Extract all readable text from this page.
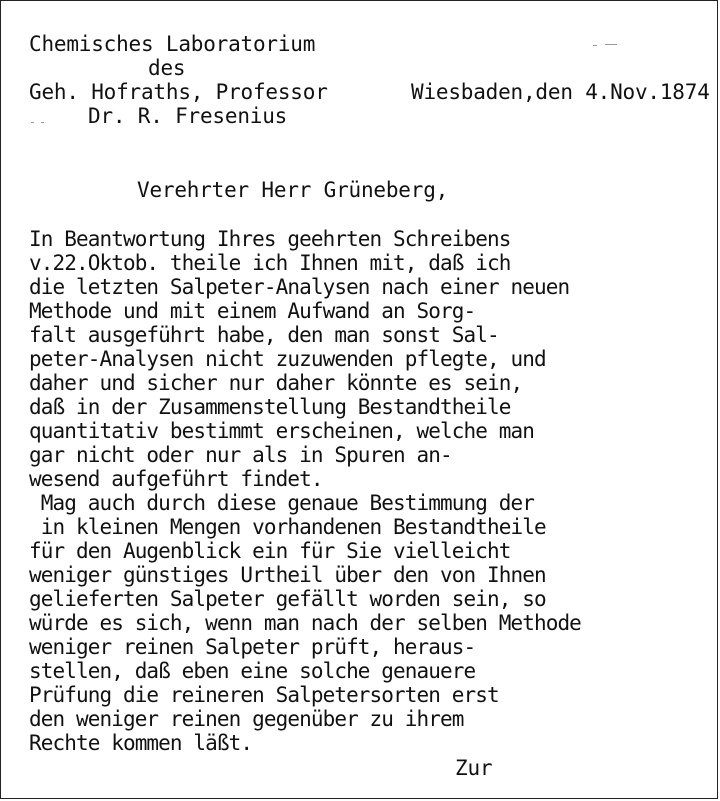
Chemisches Laboratorium
des
Geh. Hofraths, Professor
Dr. R. Fresenius
Wiesbaden,den 4.Nov.1874
Verehrter Herr Grüneberg,
In Beantwortung Ihres geehrten Schreibens
v.22.Oktob. theile ich Ihnen mit, daß ich
die letzten Salpeter-Analysen nach einer neuen
Methode und mit einem Aufwand an Sorg-
falt ausgeführt habe, den man sonst Sal-
peter-Analysen nicht zuzuwenden pflegte, und
daher und sicher nur daher könnte es sein,
daß in der Zusammenstellung Bestandtheile
quantitativ bestimmt erscheinen, welche man
gar nicht oder nur als in Spuren an-
wesend aufgeführt findet.
Mag auch durch diese genaue Bestimmung der
in kleinen Mengen vorhandenen Bestandtheile
für den Augenblick ein für Sie vielleicht
weniger günstiges Urtheil über den von Ihnen
gelieferten Salpeter gefällt worden sein, so
würde es sich, wenn man nach der selben Methode
weniger reinen Salpeter prüft, heraus-
stellen, daß eben eine solche genauere
Prüfung die reineren Salpetersorten erst
den weniger reinen gegenüber zu ihrem
Rechte kommen läßt.
Zur
